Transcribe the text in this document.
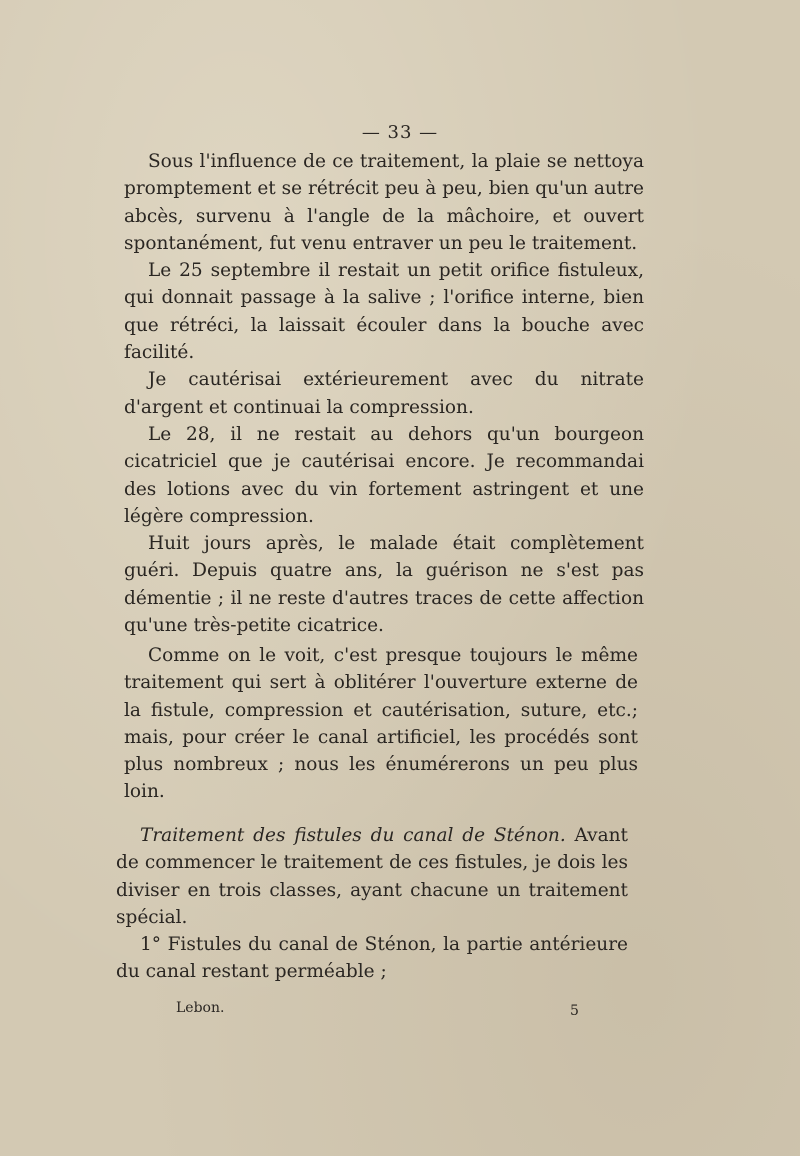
— 33 —

Sous l'influence de ce traitement, la plaie se nettoya promptement et se rétrécit peu à peu, bien qu'un autre abcès, survenu à l'angle de la mâchoire, et ouvert spontanément, fut venu entraver un peu le traitement.

Le 25 septembre il restait un petit orifice fistuleux, qui donnait passage à la salive ; l'orifice interne, bien que rétréci, la laissait écouler dans la bouche avec facilité.

Je cautérisai extérieurement avec du nitrate d'argent et continuai la compression.

Le 28, il ne restait au dehors qu'un bourgeon cicatriciel que je cautérisai encore. Je recommandai des lotions avec du vin fortement astringent et une légère compression.

Huit jours après, le malade était complètement guéri. Depuis quatre ans, la guérison ne s'est pas démentie ; il ne reste d'autres traces de cette affection qu'une très-petite cicatrice.

Comme on le voit, c'est presque toujours le même traitement qui sert à oblitérer l'ouverture externe de la fistule, compression et cautérisation, suture, etc.; mais, pour créer le canal artificiel, les procédés sont plus nombreux ; nous les énumérerons un peu plus loin.

Traitement des fistules du canal de Sténon. Avant de commencer le traitement de ces fistules, je dois les diviser en trois classes, ayant chacune un traitement spécial.

1° Fistules du canal de Sténon, la partie antérieure du canal restant perméable ;

Lebon.	5
